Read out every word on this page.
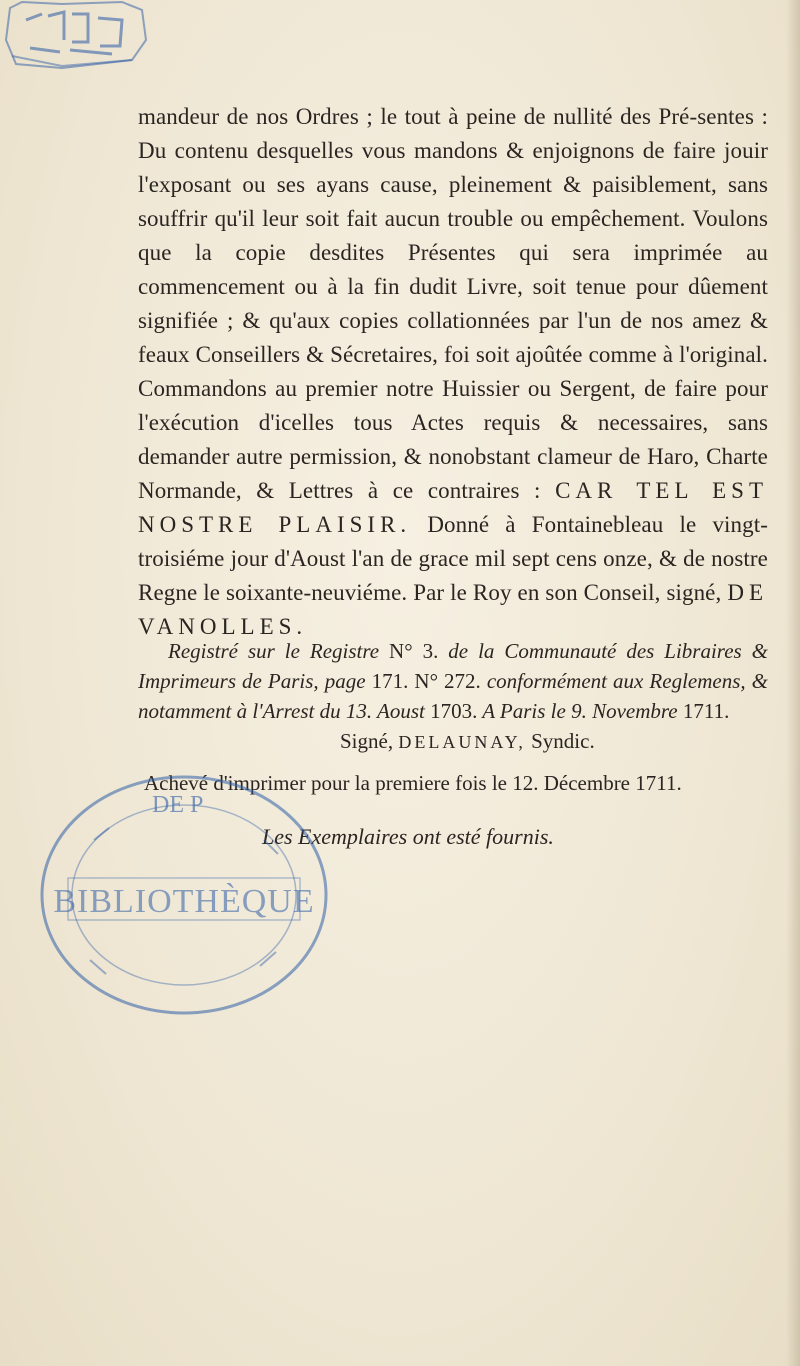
mandeur de nos Ordres ; le tout à peine de nullité des Pré-sentes : Du contenu desquelles vous mandons & enjoignons de faire jouir l'exposant ou ses ayans cause, pleinement & paisiblement, sans souffrir qu'il leur soit fait aucun trouble ou empêchement. Voulons que la copie desdites Présentes qui sera imprimée au commencement ou à la fin dudit Livre, soit tenue pour dûement signifiée ; & qu'aux copies collationnées par l'un de nos amez & feaux Conseillers & Sécretaires, foi soit ajoûtée comme à l'original. Commandons au premier notre Huissier ou Sergent, de faire pour l'exécution d'icelles tous Actes requis & necessaires, sans demander autre permission, & nonobstant clameur de Haro, Charte Normande, & Lettres à ce contraires : CAR TEL EST NOSTRE PLAISIR. Donné à Fontainebleau le vingt-troisiéme jour d'Aoust l'an de grace mil sept cens onze, & de nostre Regne le soixante-neuviéme. Par le Roy en son Conseil, signé, DE VANOLLES.

Registré sur le Registre N° 3. de la Communauté des Libraires & Imprimeurs de Paris, page 171. N° 272. conformément aux Reglemens, & notamment à l'Arrest du 13. Aoust 1703. A Paris le 9. Novembre 1711.

Signé, DELAUNAY, Syndic.

Achevé d'imprimer pour la premiere fois le 12. Décembre 1711.

Les Exemplaires ont esté fournis.

DE P
BIBLIOTHÈQUE
